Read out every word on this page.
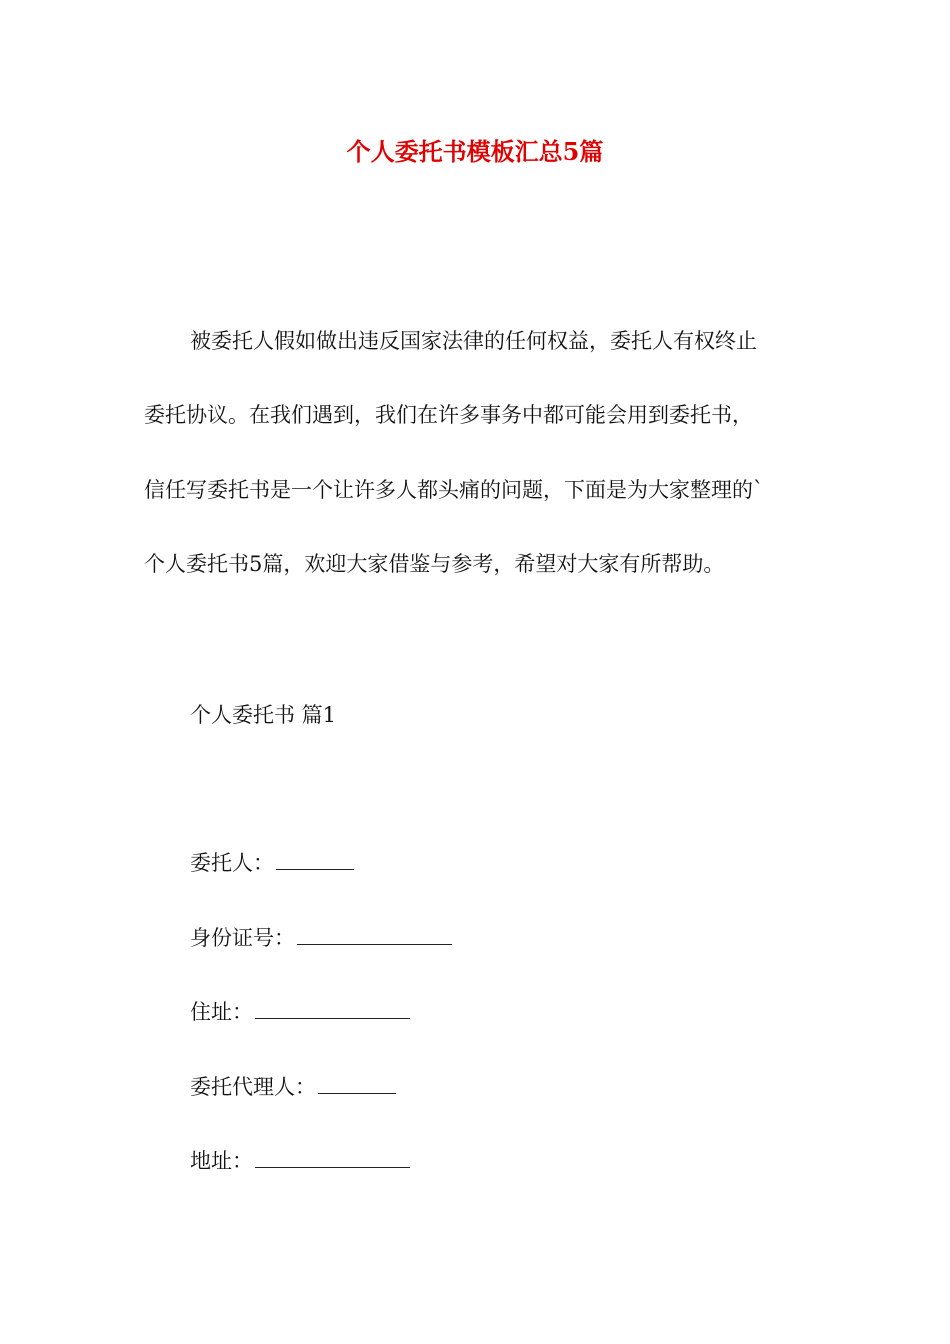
个人委托书模板汇总5篇
被委托人假如做出违反国家法律的任何权益，委托人有权终止
委托协议。在我们遇到，我们在许多事务中都可能会用到委托书，
信任写委托书是一个让许多人都头痛的问题，下面是为大家整理的`
个人委托书5篇，欢迎大家借鉴与参考，希望对大家有所帮助。
个人委托书 篇1
委托人：
身份证号：
住址：
委托代理人：
地址：
